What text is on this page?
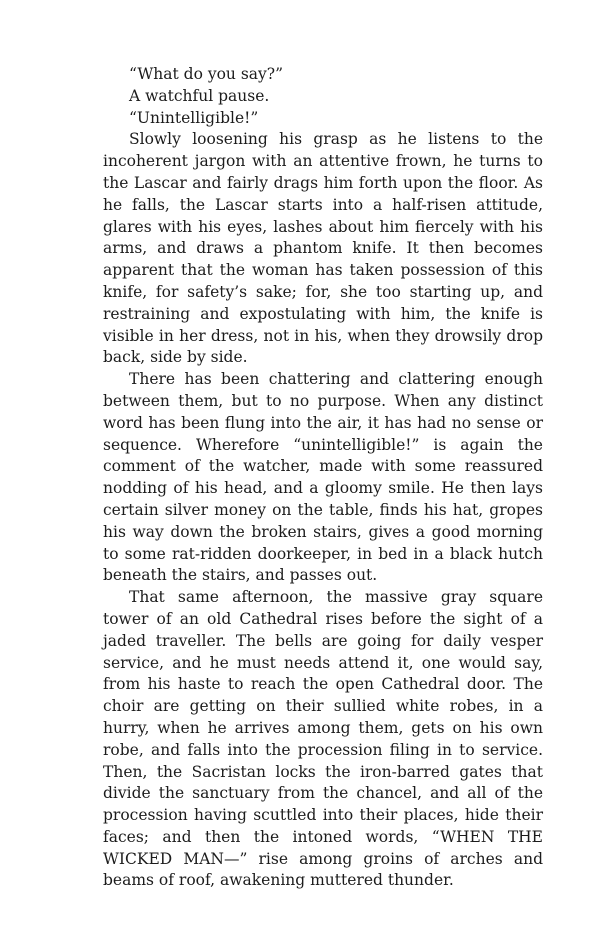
“What do you say?”

A watchful pause.

“Unintelligible!”

Slowly loosening his grasp as he listens to the incoherent jargon with an attentive frown, he turns to the Lascar and fairly drags him forth upon the floor. As he falls, the Lascar starts into a half-risen attitude, glares with his eyes, lashes about him fiercely with his arms, and draws a phantom knife. It then becomes apparent that the woman has taken possession of this knife, for safety’s sake; for, she too starting up, and restraining and expostulating with him, the knife is visible in her dress, not in his, when they drowsily drop back, side by side.

There has been chattering and clattering enough between them, but to no purpose. When any distinct word has been flung into the air, it has had no sense or sequence. Wherefore “unintelligible!” is again the comment of the watcher, made with some reassured nodding of his head, and a gloomy smile. He then lays certain silver money on the table, finds his hat, gropes his way down the broken stairs, gives a good morning to some rat-ridden doorkeeper, in bed in a black hutch beneath the stairs, and passes out.

That same afternoon, the massive gray square tower of an old Cathedral rises before the sight of a jaded traveller. The bells are going for daily vesper service, and he must needs attend it, one would say, from his haste to reach the open Cathedral door. The choir are getting on their sullied white robes, in a hurry, when he arrives among them, gets on his own robe, and falls into the procession filing in to service. Then, the Sacristan locks the iron-barred gates that divide the sanctuary from the chancel, and all of the procession having scuttled into their places, hide their faces; and then the intoned words, “WHEN THE WICKED MAN—” rise among groins of arches and beams of roof, awakening muttered thunder.
